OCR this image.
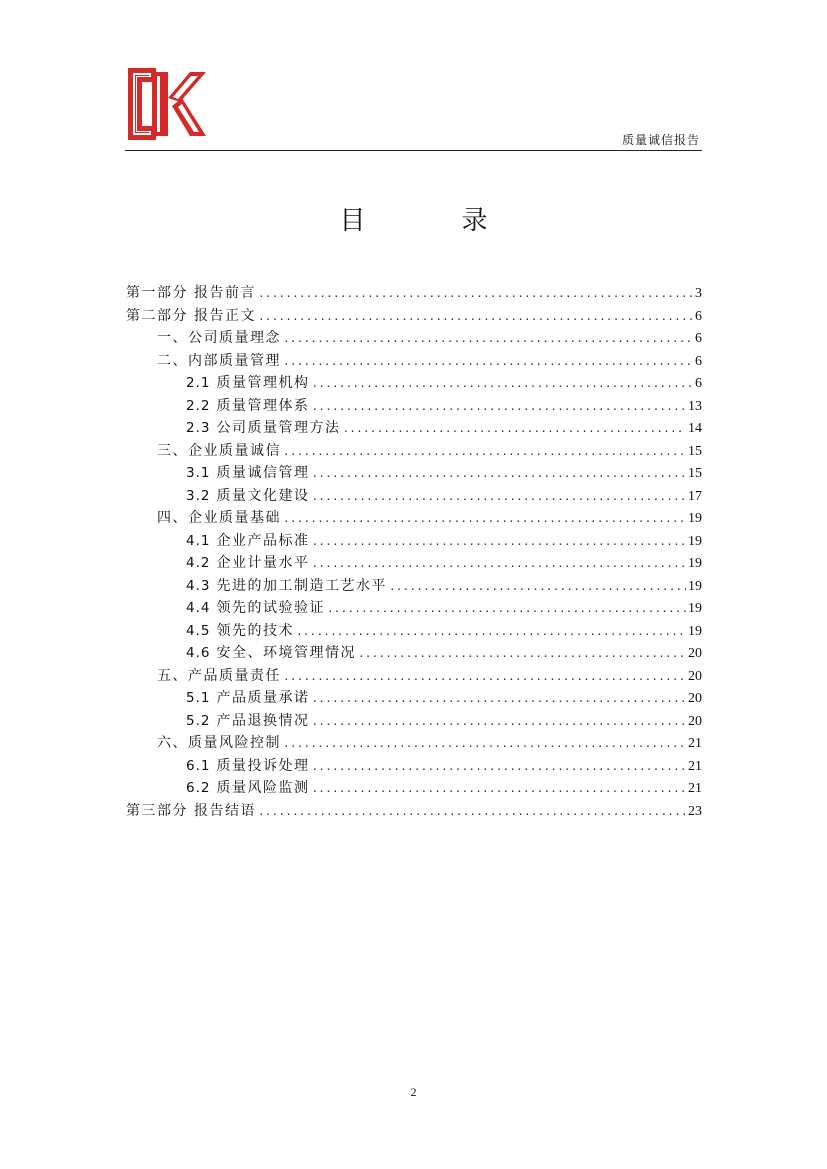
质量诚信报告
目录
第一部分 报告前言 .....	3
第二部分 报告正文 .....	6
一、公司质量理念 .....	6
二、内部质量管理 .....	6
2.1 质量管理机构 .....	6
2.2 质量管理体系 .....	13
2.3 公司质量管理方法 .....	14
三、企业质量诚信 .....	15
3.1 质量诚信管理 .....	15
3.2 质量文化建设 .....	17
四、企业质量基础 .....	19
4.1 企业产品标准 .....	19
4.2 企业计量水平 .....	19
4.3 先进的加工制造工艺水平 .....	19
4.4 领先的试验验证 .....	19
4.5 领先的技术 .....	19
4.6 安全、环境管理情况 .....	20
五、产品质量责任 .....	20
5.1 产品质量承诺 .....	20
5.2 产品退换情况 .....	20
六、质量风险控制 .....	21
6.1 质量投诉处理 .....	21
6.2 质量风险监测 .....	21
第三部分 报告结语 .....	23
2
